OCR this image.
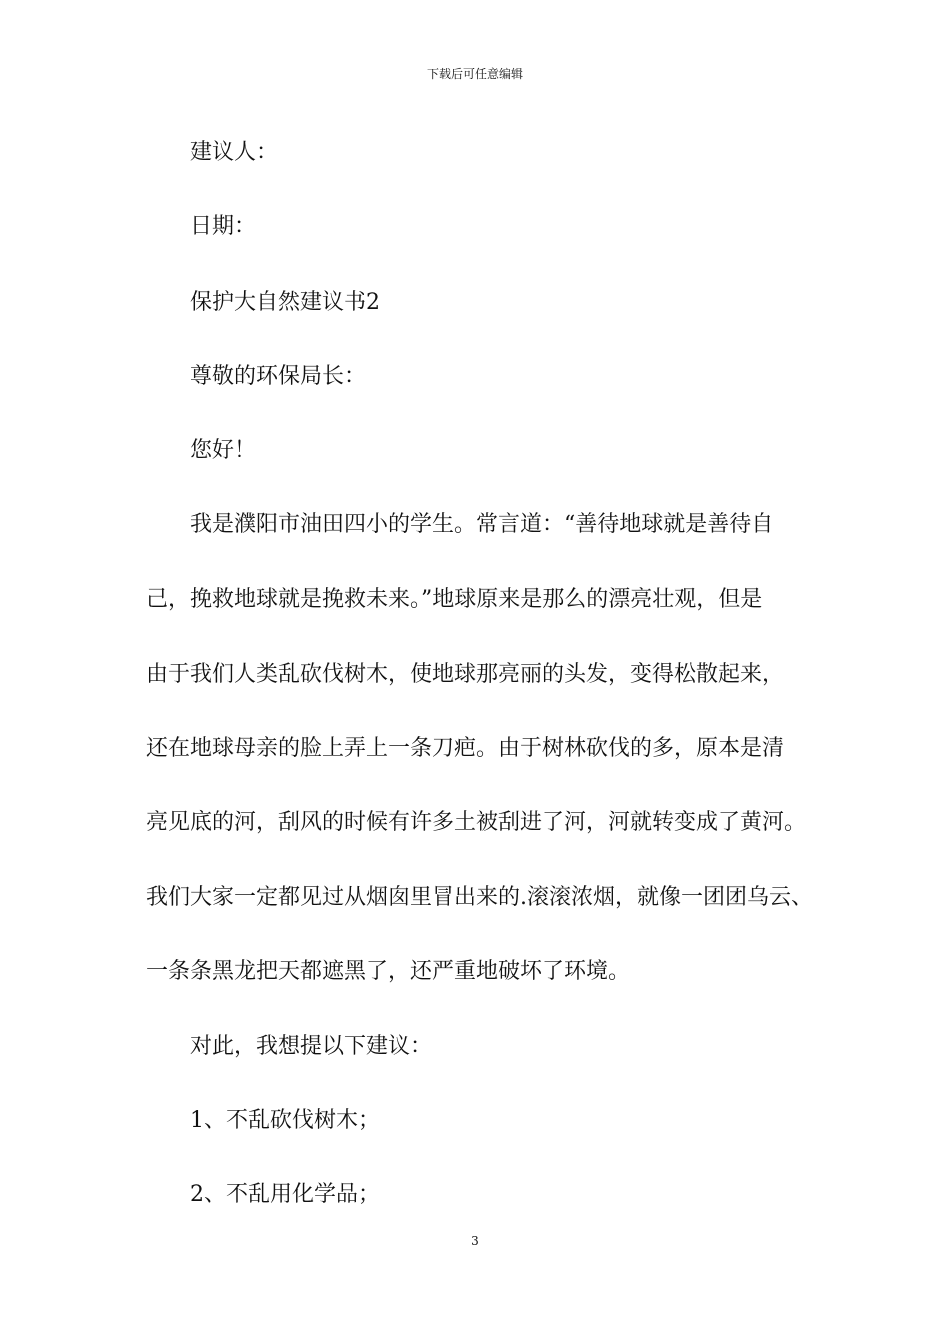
下载后可任意编辑
建议人：
日期：
保护大自然建议书2
尊敬的环保局长：
您好！
我是濮阳市油田四小的学生。常言道：“善待地球就是善待自
己，挽救地球就是挽救未来。”地球原来是那么的漂亮壮观，但是
由于我们人类乱砍伐树木，使地球那亮丽的头发，变得松散起来，
还在地球母亲的脸上弄上一条刀疤。由于树林砍伐的多，原本是清
亮见底的河，刮风的时候有许多土被刮进了河，河就转变成了黄河。
我们大家一定都见过从烟囱里冒出来的.滚滚浓烟，就像一团团乌云、
一条条黑龙把天都遮黑了，还严重地破坏了环境。
对此，我想提以下建议：
1、不乱砍伐树木；
2、不乱用化学品；
3
